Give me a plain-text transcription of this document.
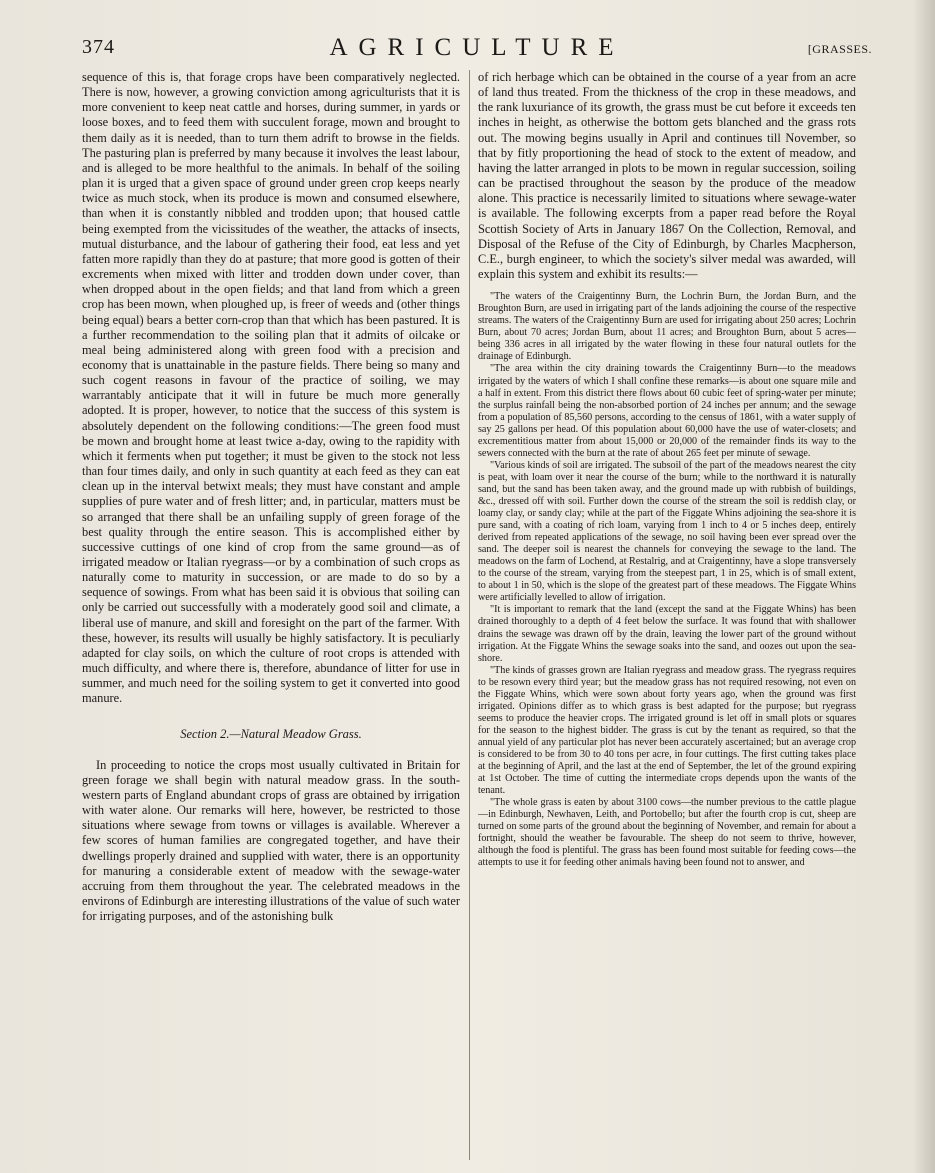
374	AGRICULTURE	[GRASSES.

sequence of this is, that forage crops have been comparatively neglected. There is now, however, a growing conviction among agriculturists that it is more convenient to keep neat cattle and horses, during summer, in yards or loose boxes, and to feed them with succulent forage, mown and brought to them daily as it is needed, than to turn them adrift to browse in the fields. The pasturing plan is preferred by many because it involves the least labour, and is alleged to be more healthful to the animals. In behalf of the soiling plan it is urged that a given space of ground under green crop keeps nearly twice as much stock, when its produce is mown and consumed elsewhere, than when it is constantly nibbled and trodden upon; that housed cattle being exempted from the vicissitudes of the weather, the attacks of insects, mutual disturbance, and the labour of gathering their food, eat less and yet fatten more rapidly than they do at pasture; that more good is gotten of their excrements when mixed with litter and trodden down under cover, than when dropped about in the open fields; and that land from which a green crop has been mown, when ploughed up, is freer of weeds and (other things being equal) bears a better corn-crop than that which has been pastured. It is a further recommendation to the soiling plan that it admits of oilcake or meal being administered along with green food with a precision and economy that is unattainable in the pasture fields. There being so many and such cogent reasons in favour of the practice of soiling, we may warrantably anticipate that it will in future be much more generally adopted. It is proper, however, to notice that the success of this system is absolutely dependent on the following conditions:—The green food must be mown and brought home at least twice a-day, owing to the rapidity with which it ferments when put together; it must be given to the stock not less than four times daily, and only in such quantity at each feed as they can eat clean up in the interval betwixt meals; they must have constant and ample supplies of pure water and of fresh litter; and, in particular, matters must be so arranged that there shall be an unfailing supply of green forage of the best quality through the entire season. This is accomplished either by successive cuttings of one kind of crop from the same ground—as of irrigated meadow or Italian ryegrass—or by a combination of such crops as naturally come to maturity in succession, or are made to do so by a sequence of sowings. From what has been said it is obvious that soiling can only be carried out successfully with a moderately good soil and climate, a liberal use of manure, and skill and foresight on the part of the farmer. With these, however, its results will usually be highly satisfactory. It is peculiarly adapted for clay soils, on which the culture of root crops is attended with much difficulty, and where there is, therefore, abundance of litter for use in summer, and much need for the soiling system to get it converted into good manure.

Section 2.—Natural Meadow Grass.

In proceeding to notice the crops most usually cultivated in Britain for green forage we shall begin with natural meadow grass. In the south-western parts of England abundant crops of grass are obtained by irrigation with water alone. Our remarks will here, however, be restricted to those situations where sewage from towns or villages is available. Wherever a few scores of human families are congregated together, and have their dwellings properly drained and supplied with water, there is an opportunity for manuring a considerable extent of meadow with the sewage-water accruing from them throughout the year. The celebrated meadows in the environs of Edinburgh are interesting illustrations of the value of such water for irrigating purposes, and of the astonishing bulk

of rich herbage which can be obtained in the course of a year from an acre of land thus treated. From the thickness of the crop in these meadows, and the rank luxuriance of its growth, the grass must be cut before it exceeds ten inches in height, as otherwise the bottom gets blanched and the grass rots out. The mowing begins usually in April and continues till November, so that by fitly proportioning the head of stock to the extent of meadow, and having the latter arranged in plots to be mown in regular succession, soiling can be practised throughout the season by the produce of the meadow alone. This practice is necessarily limited to situations where sewage-water is available. The following excerpts from a paper read before the Royal Scottish Society of Arts in January 1867 On the Collection, Removal, and Disposal of the Refuse of the City of Edinburgh, by Charles Macpherson, C.E., burgh engineer, to which the society's silver medal was awarded, will explain this system and exhibit its results:—

"The waters of the Craigentinny Burn, the Lochrin Burn, the Jordan Burn, and the Broughton Burn, are used in irrigating part of the lands adjoining the course of the respective streams. The waters of the Craigentinny Burn are used for irrigating about 250 acres; Lochrin Burn, about 70 acres; Jordan Burn, about 11 acres; and Broughton Burn, about 5 acres—being 336 acres in all irrigated by the water flowing in these four natural outlets for the drainage of Edinburgh.

"The area within the city draining towards the Craigentinny Burn—to the meadows irrigated by the waters of which I shall confine these remarks—is about one square mile and a half in extent. From this district there flows about 60 cubic feet of spring-water per minute; the surplus rainfall being the non-absorbed portion of 24 inches per annum; and the sewage from a population of 85,560 persons, according to the census of 1861, with a water supply of say 25 gallons per head. Of this population about 60,000 have the use of water-closets; and excrementitious matter from about 15,000 or 20,000 of the remainder finds its way to the sewers connected with the burn at the rate of about 265 feet per minute of sewage.

"Various kinds of soil are irrigated. The subsoil of the part of the meadows nearest the city is peat, with loam over it near the course of the burn; while to the northward it is naturally sand, but the sand has been taken away, and the ground made up with rubbish of buildings, &c., dressed off with soil. Further down the course of the stream the soil is reddish clay, or loamy clay, or sandy clay; while at the part of the Figgate Whins adjoining the sea-shore it is pure sand, with a coating of rich loam, varying from 1 inch to 4 or 5 inches deep, entirely derived from repeated applications of the sewage, no soil having been ever spread over the sand. The deeper soil is nearest the channels for conveying the sewage to the land. The meadows on the farm of Lochend, at Restalrig, and at Craigentinny, have a slope transversely to the course of the stream, varying from the steepest part, 1 in 25, which is of small extent, to about 1 in 50, which is the slope of the greatest part of these meadows. The Figgate Whins were artificially levelled to allow of irrigation.

"It is important to remark that the land (except the sand at the Figgate Whins) has been drained thoroughly to a depth of 4 feet below the surface. It was found that with shallower drains the sewage was drawn off by the drain, leaving the lower part of the ground without irrigation. At the Figgate Whins the sewage soaks into the sand, and oozes out upon the sea-shore.

"The kinds of grasses grown are Italian ryegrass and meadow grass. The ryegrass requires to be resown every third year; but the meadow grass has not required resowing, not even on the Figgate Whins, which were sown about forty years ago, when the ground was first irrigated. Opinions differ as to which grass is best adapted for the purpose; but ryegrass seems to produce the heavier crops. The irrigated ground is let off in small plots or squares for the season to the highest bidder. The grass is cut by the tenant as required, so that the annual yield of any particular plot has never been accurately ascertained; but an average crop is considered to be from 30 to 40 tons per acre, in four cuttings. The first cutting takes place at the beginning of April, and the last at the end of September, the let of the ground expiring at 1st October. The time of cutting the intermediate crops depends upon the wants of the tenant.

"The whole grass is eaten by about 3100 cows—the number previous to the cattle plague—in Edinburgh, Newhaven, Leith, and Portobello; but after the fourth crop is cut, sheep are turned on some parts of the ground about the beginning of November, and remain for about a fortnight, should the weather be favourable. The sheep do not seem to thrive, however, although the food is plentiful. The grass has been found most suitable for feeding cows—the attempts to use it for feeding other animals having been found not to answer, and
